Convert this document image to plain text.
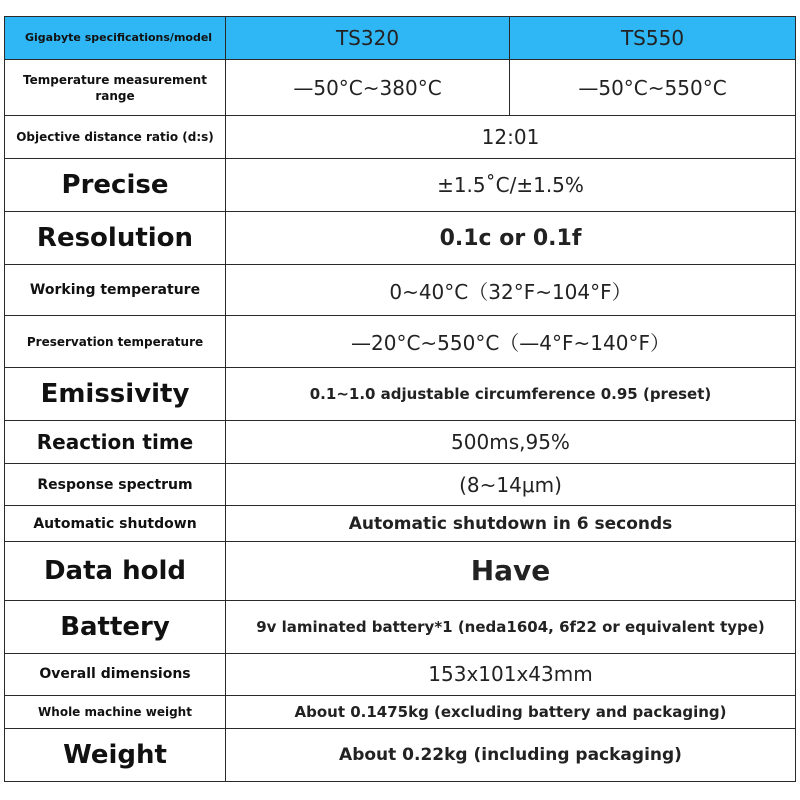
Gigabyte specifications/model	TS320	TS550
Temperature measurement range	—50°C~380°C	—50°C~550°C
Objective distance ratio (d:s)	12:01	
Precise	±1.5˚C/±1.5%	
Resolution	0.1c or 0.1f	
Working temperature	0~40°C（32°F~104°F）	
Preservation temperature	—20°C~550°C（—4°F~140°F）	
Emissivity	0.1~1.0 adjustable circumference 0.95 (preset)	
Reaction time	500ms,95%	
Response spectrum	(8~14μm)	
Automatic shutdown	Automatic shutdown in 6 seconds	
Data hold	Have	
Battery	9v laminated battery*1 (neda1604, 6f22 or equivalent type)	
Overall dimensions	153x101x43mm	
Whole machine weight	About 0.1475kg (excluding battery and packaging)	
Weight	About 0.22kg (including packaging)	
